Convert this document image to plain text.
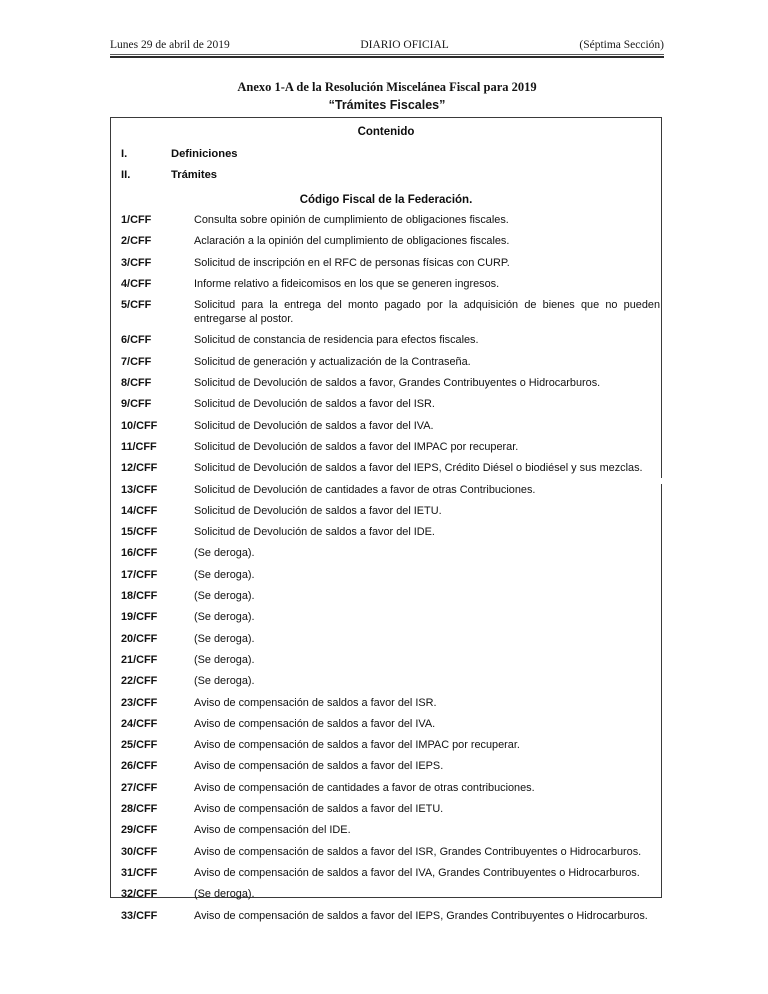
Lunes 29 de abril de 2019	DIARIO OFICIAL	(Séptima Sección)
Anexo 1-A de la Resolución Miscelánea Fiscal para 2019
“Trámites Fiscales”
Contenido
I.	Definiciones
II.	Trámites
Código Fiscal de la Federación.
1/CFF	Consulta sobre opinión de cumplimiento de obligaciones fiscales.
2/CFF	Aclaración a la opinión del cumplimiento de obligaciones fiscales.
3/CFF	Solicitud de inscripción en el RFC de personas físicas con CURP.
4/CFF	Informe relativo a fideicomisos en los que se generen ingresos.
5/CFF	Solicitud para la entrega del monto pagado por la adquisición de bienes que no pueden entregarse al postor.
6/CFF	Solicitud de constancia de residencia para efectos fiscales.
7/CFF	Solicitud de generación y actualización de la Contraseña.
8/CFF	Solicitud de Devolución de saldos a favor, Grandes Contribuyentes o Hidrocarburos.
9/CFF	Solicitud de Devolución de saldos a favor del ISR.
10/CFF	Solicitud de Devolución de saldos a favor del IVA.
11/CFF	Solicitud de Devolución de saldos a favor del IMPAC por recuperar.
12/CFF	Solicitud de Devolución de saldos a favor del IEPS, Crédito Diésel o biodiésel y sus mezclas.
13/CFF	Solicitud de Devolución de cantidades a favor de otras Contribuciones.
14/CFF	Solicitud de Devolución de saldos a favor del IETU.
15/CFF	Solicitud de Devolución de saldos a favor del IDE.
16/CFF	(Se deroga).
17/CFF	(Se deroga).
18/CFF	(Se deroga).
19/CFF	(Se deroga).
20/CFF	(Se deroga).
21/CFF	(Se deroga).
22/CFF	(Se deroga).
23/CFF	Aviso de compensación de saldos a favor del ISR.
24/CFF	Aviso de compensación de saldos a favor del IVA.
25/CFF	Aviso de compensación de saldos a favor del IMPAC por recuperar.
26/CFF	Aviso de compensación de saldos a favor del IEPS.
27/CFF	Aviso de compensación de cantidades a favor de otras contribuciones.
28/CFF	Aviso de compensación de saldos a favor del IETU.
29/CFF	Aviso de compensación del IDE.
30/CFF	Aviso de compensación de saldos a favor del ISR, Grandes Contribuyentes o Hidrocarburos.
31/CFF	Aviso de compensación de saldos a favor del IVA, Grandes Contribuyentes o Hidrocarburos.
32/CFF	(Se deroga).
33/CFF	Aviso de compensación de saldos a favor del IEPS, Grandes Contribuyentes o Hidrocarburos.
